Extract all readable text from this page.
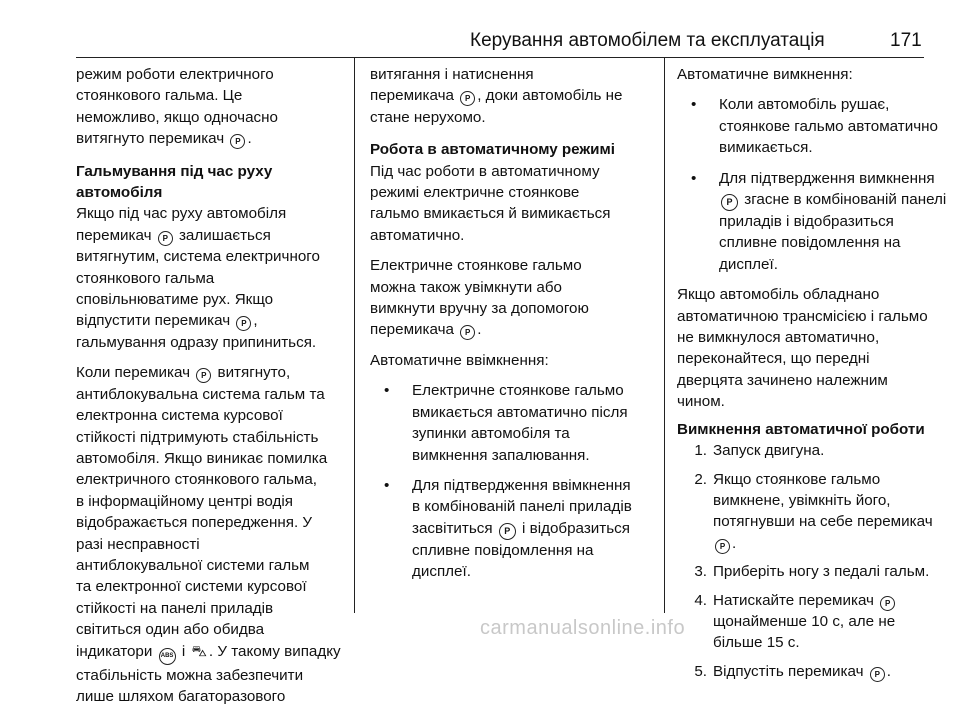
Керування автомобілем та експлуатація	171

режим роботи електричного
стоянкового гальма. Це
неможливо, якщо одночасно
витягнуто перемикач P .

Гальмування під час руху
автомобіля

Якщо під час руху автомобіля
перемикач P залишається
витягнутим, система електричного
стоянкового гальма
сповільнюватиме рух. Якщо
відпустити перемикач P ,
гальмування одразу припиниться.

Коли перемикач P витягнуто,
антиблокувальна система гальм та
електронна система курсової
стійкості підтримують стабільність
автомобіля. Якщо виникає помилка
електричного стоянкового гальма,
в інформаційному центрі водія
відображається попередження. У
разі несправності
антиблокувальної системи гальм
та електронної системи курсової
стійкості на панелі приладів
світиться один або обидва
індикатори ABS і ⛍ . У такому випадку
стабільність можна забезпечити
лише шляхом багаторазового

витягання і натиснення
перемикача P , доки автомобіль не
стане нерухомо.

Робота в автоматичному режимі

Під час роботи в автоматичному
режимі електричне стоянкове
гальмо вмикається й вимикається
автоматично.

Електричне стоянкове гальмо
можна також увімкнути або
вимкнути вручну за допомогою
перемикача P .

Автоматичне ввімкнення:

• Електричне стоянкове гальмо
вмикається автоматично після
зупинки автомобіля та
вимкнення запалювання.
• Для підтвердження ввімкнення
в комбінованій панелі приладів
засвітиться P і відобразиться
спливне повідомлення на
дисплеї.

Автоматичне вимкнення:

• Коли автомобіль рушає,
стоянкове гальмо автоматично
вимикається.
• Для підтвердження вимкнення
P згасне в комбінованій панелі
приладів і відобразиться
спливне повідомлення на
дисплеї.

Якщо автомобіль обладнано
автоматичною трансмісією і гальмо
не вимкнулося автоматично,
переконайтеся, що передні
дверцята зачинено належним
чином.

Вимкнення автоматичної роботи

1. Запуск двигуна.
2. Якщо стоянкове гальмо
вимкнене, увімкніть його,
потягнувши на себе перемикач
P .
3. Приберіть ногу з педалі гальм.
4. Натискайте перемикач P
щонайменше 10 с, але не
більше 15 с.
5. Відпустіть перемикач P .
carmanualsonline.info
